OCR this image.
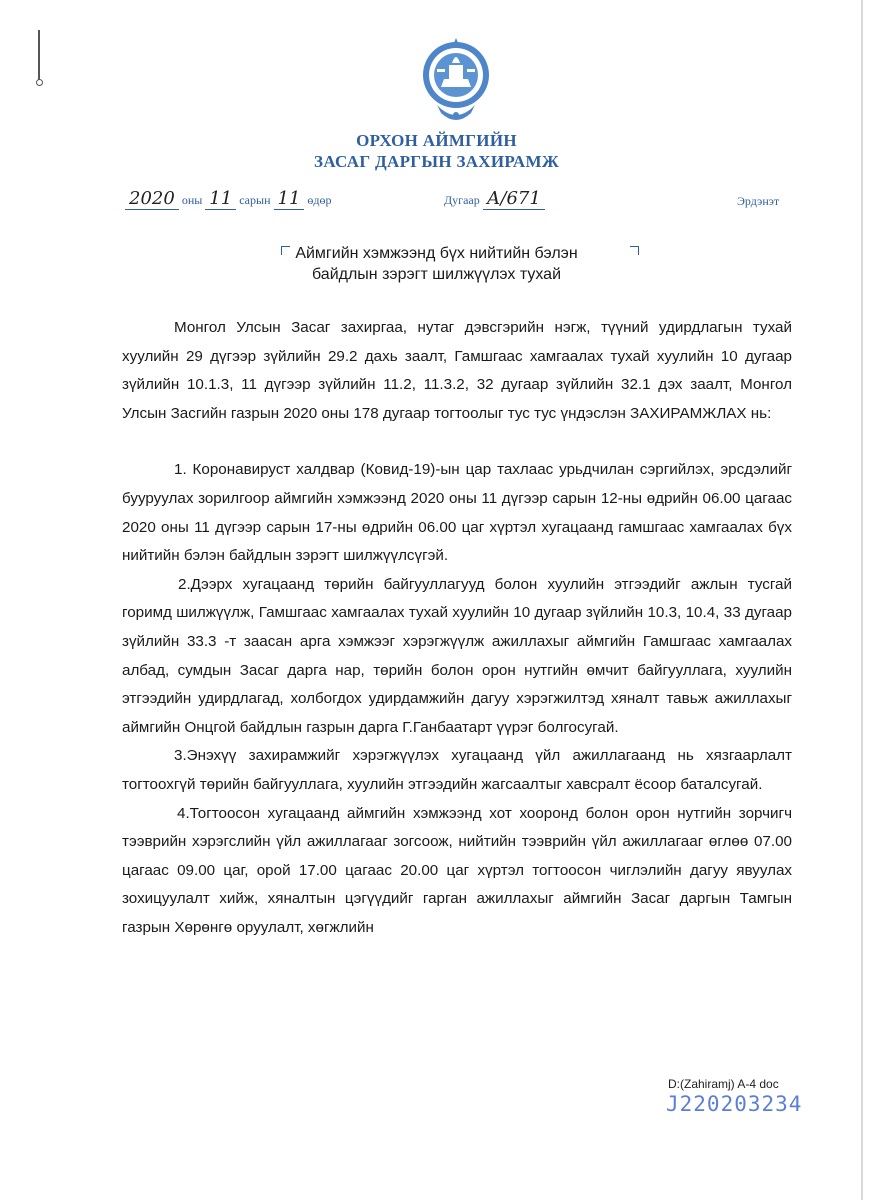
ОРХОН АЙМГИЙН
ЗАСАГ ДАРГЫН ЗАХИРАМЖ
2020 оны 11 сарын 11 өдөр	Дугаар А/671	Эрдэнэт
Аймгийн хэмжээнд бүх нийтийн бэлэн
байдлын зэрэгт шилжүүлэх тухай

Монгол Улсын Засаг захиргаа, нутаг дэвсгэрийн нэгж, түүний удирдлагын тухай хуулийн 29 дүгээр зүйлийн 29.2 дахь заалт, Гамшгаас хамгаалах тухай хуулийн 10 дугаар зүйлийн 10.1.3, 11 дүгээр зүйлийн 11.2, 11.3.2, 32 дугаар зүйлийн 32.1 дэх заалт, Монгол Улсын Засгийн газрын 2020 оны 178 дугаар тогтоолыг тус тус үндэслэн ЗАХИРАМЖЛАХ нь:

1. Коронавируст халдвар (Ковид-19)-ын цар тахлаас урьдчилан сэргийлэх, эрсдэлийг бууруулах зорилгоор аймгийн хэмжээнд 2020 оны 11 дүгээр сарын 12-ны өдрийн 06.00 цагаас 2020 оны 11 дүгээр сарын 17-ны өдрийн 06.00 цаг хүртэл хугацаанд гамшгаас хамгаалах бүх нийтийн бэлэн байдлын зэрэгт шилжүүлсүгэй.

2.Дээрх хугацаанд төрийн байгууллагууд болон хуулийн этгээдийг ажлын тусгай горимд шилжүүлж, Гамшгаас хамгаалах тухай хуулийн 10 дугаар зүйлийн 10.3, 10.4, 33 дугаар зүйлийн 33.3 -т заасан арга хэмжээг хэрэгжүүлж ажиллахыг аймгийн Гамшгаас хамгаалах албад, сумдын Засаг дарга нар, төрийн болон орон нутгийн өмчит байгууллага, хуулийн этгээдийн удирдлагад, холбогдох удирдамжийн дагуу хэрэгжилтэд хяналт тавьж ажиллахыг аймгийн Онцгой байдлын газрын дарга Г.Ганбаатарт үүрэг болгосугай.

3.Энэхүү захирамжийг хэрэгжүүлэх хугацаанд үйл ажиллагаанд нь хязгаарлалт тогтоохгүй төрийн байгууллага, хуулийн этгээдийн жагсаалтыг хавсралт ёсоор баталсугай.

4.Тогтоосон хугацаанд аймгийн хэмжээнд хот хооронд болон орон нутгийн зорчигч тээврийн хэрэгслийн үйл ажиллагааг зогсоож, нийтийн тээврийн үйл ажиллагааг өглөө 07.00 цагаас 09.00 цаг, орой 17.00 цагаас 20.00 цаг хүртэл тогтоосон чиглэлийн дагуу явуулах зохицуулалт хийж, хяналтын цэгүүдийг гарган ажиллахыг аймгийн Засаг даргын Тамгын газрын Хөрөнгө оруулалт, хөгжлийн

D:(Zahiramj) A-4 doc
J220203234
